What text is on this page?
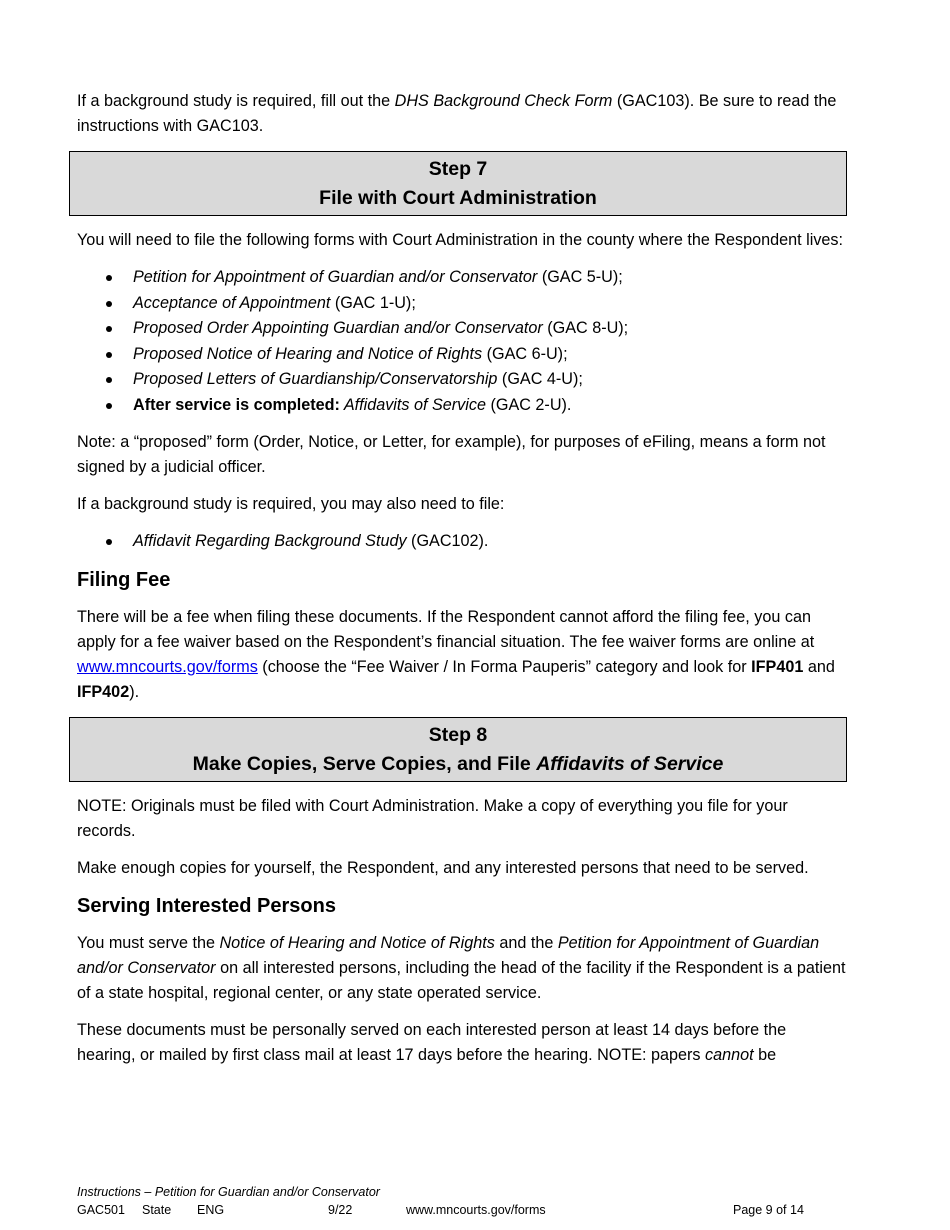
If a background study is required, fill out the DHS Background Check Form (GAC103). Be sure to read the instructions with GAC103.

Step 7
File with Court Administration

You will need to file the following forms with Court Administration in the county where the Respondent lives:

Petition for Appointment of Guardian and/or Conservator (GAC 5-U);
Acceptance of Appointment (GAC 1-U);
Proposed Order Appointing Guardian and/or Conservator (GAC 8-U);
Proposed Notice of Hearing and Notice of Rights (GAC 6-U);
Proposed Letters of Guardianship/Conservatorship (GAC 4-U);
After service is completed: Affidavits of Service (GAC 2-U).

Note: a “proposed” form (Order, Notice, or Letter, for example), for purposes of eFiling, means a form not signed by a judicial officer.

If a background study is required, you may also need to file:

Affidavit Regarding Background Study (GAC102).
Filing Fee

There will be a fee when filing these documents. If the Respondent cannot afford the filing fee, you can apply for a fee waiver based on the Respondent’s financial situation. The fee waiver forms are online at www.mncourts.gov/forms (choose the “Fee Waiver / In Forma Pauperis” category and look for IFP401 and IFP402).

Step 8
Make Copies, Serve Copies, and File Affidavits of Service

NOTE: Originals must be filed with Court Administration. Make a copy of everything you file for your records.

Make enough copies for yourself, the Respondent, and any interested persons that need to be served.

Serving Interested Persons

You must serve the Notice of Hearing and Notice of Rights and the Petition for Appointment of Guardian and/or Conservator on all interested persons, including the head of the facility if the Respondent is a patient of a state hospital, regional center, or any state operated service.

These documents must be personally served on each interested person at least 14 days before the hearing, or mailed by first class mail at least 17 days before the hearing. NOTE: papers cannot be

Instructions – Petition for Guardian and/or Conservator
GAC501 State ENG	9/22	www.mncourts.gov/forms	Page 9 of 14
